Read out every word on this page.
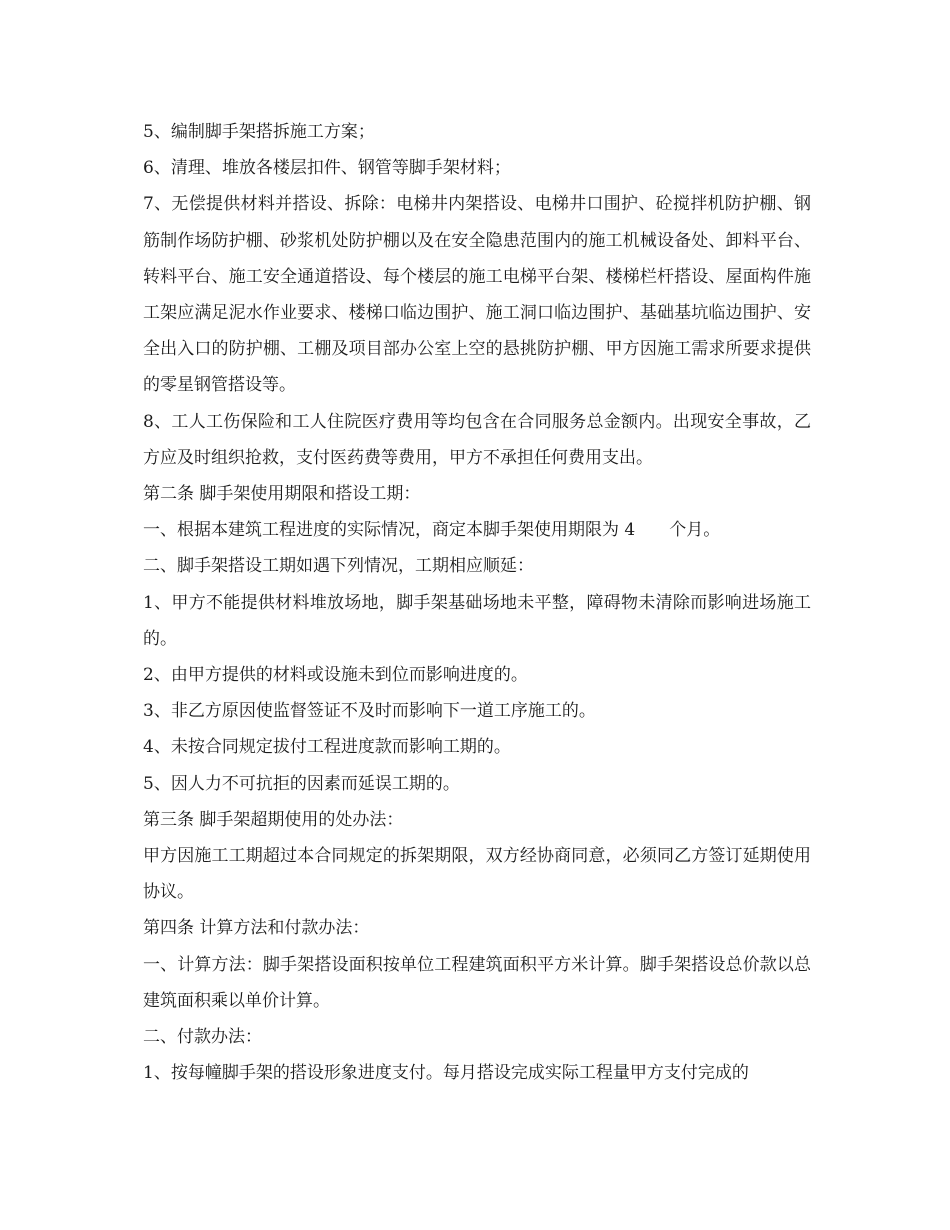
5、编制脚手架搭拆施工方案；

6、清理、堆放各楼层扣件、钢管等脚手架材料；

7、无偿提供材料并搭设、拆除：电梯井内架搭设、电梯井口围护、砼搅拌机防护棚、钢筋制作场防护棚、砂浆机处防护棚以及在安全隐患范围内的施工机械设备处、卸料平台、转料平台、施工安全通道搭设、每个楼层的施工电梯平台架、楼梯栏杆搭设、屋面构件施工架应满足泥水作业要求、楼梯口临边围护、施工洞口临边围护、基础基坑临边围护、安全出入口的防护棚、工棚及项目部办公室上空的悬挑防护棚、甲方因施工需求所要求提供的零星钢管搭设等。

8、工人工伤保险和工人住院医疗费用等均包含在合同服务总金额内。出现安全事故，乙方应及时组织抢救，支付医药费等费用，甲方不承担任何费用支出。

第二条 脚手架使用期限和搭设工期：

一、根据本建筑工程进度的实际情况，商定本脚手架使用期限为 4　　个月。

二、脚手架搭设工期如遇下列情况，工期相应顺延：

1、甲方不能提供材料堆放场地，脚手架基础场地未平整，障碍物未清除而影响进场施工的。

2、由甲方提供的材料或设施未到位而影响进度的。

3、非乙方原因使监督签证不及时而影响下一道工序施工的。

4、未按合同规定拔付工程进度款而影响工期的。

5、因人力不可抗拒的因素而延误工期的。

第三条 脚手架超期使用的处办法：

甲方因施工工期超过本合同规定的拆架期限，双方经协商同意，必须同乙方签订延期使用协议。

第四条 计算方法和付款办法：

一、计算方法：脚手架搭设面积按单位工程建筑面积平方米计算。脚手架搭设总价款以总建筑面积乘以单价计算。

二、付款办法：

1、按每幢脚手架的搭设形象进度支付。每月搭设完成实际工程量甲方支付完成的
